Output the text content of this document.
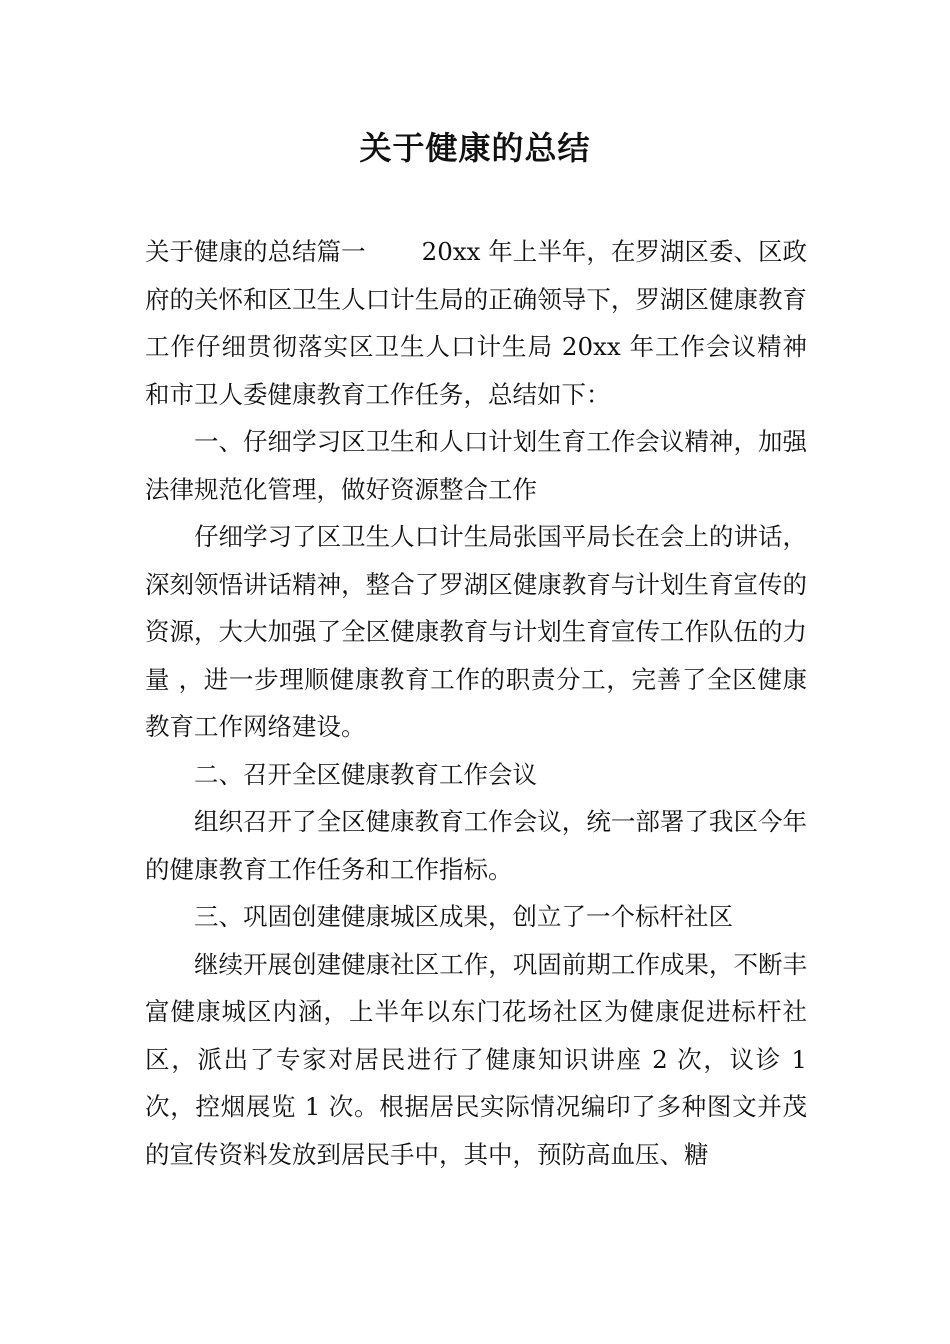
关于健康的总结

关于健康的总结篇一 20xx 年上半年，在罗湖区委、区政府的关怀和区卫生人口计生局的正确领导下，罗湖区健康教育工作仔细贯彻落实区卫生人口计生局 20xx 年工作会议精神和市卫人委健康教育工作任务，总结如下：

一、仔细学习区卫生和人口计划生育工作会议精神，加强法律规范化管理，做好资源整合工作

仔细学习了区卫生人口计生局张国平局长在会上的讲话，深刻领悟讲话精神，整合了罗湖区健康教育与计划生育宣传的资源，大大加强了全区健康教育与计划生育宣传工作队伍的力量 ，进一步理顺健康教育工作的职责分工，完善了全区健康教育工作网络建设。

二、召开全区健康教育工作会议

组织召开了全区健康教育工作会议，统一部署了我区今年的健康教育工作任务和工作指标。

三、巩固创建健康城区成果，创立了一个标杆社区

继续开展创建健康社区工作，巩固前期工作成果，不断丰富健康城区内涵，上半年以东门花场社区为健康促进标杆社区，派出了专家对居民进行了健康知识讲座 2 次，议诊 1 次，控烟展览 1 次。根据居民实际情况编印了多种图文并茂的宣传资料发放到居民手中，其中，预防高血压、糖
